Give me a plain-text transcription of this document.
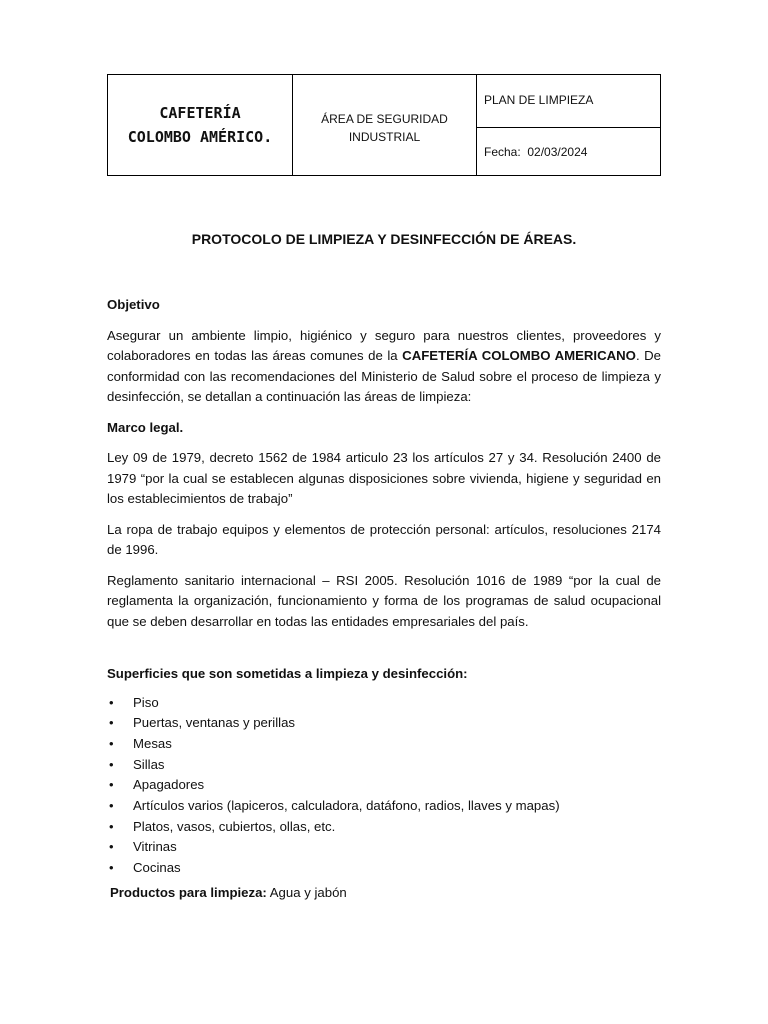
CAFETERÍA
COLOMBO AMÉRICO.
ÁREA DE SEGURIDAD
INDUSTRIAL
PLAN DE LIMPIEZA
Fecha: 02/03/2024
PROTOCOLO DE LIMPIEZA Y DESINFECCIÓN DE ÁREAS.

Objetivo

Asegurar un ambiente limpio, higiénico y seguro para nuestros clientes, proveedores y colaboradores en todas las áreas comunes de la CAFETERÍA COLOMBO AMERICANO. De conformidad con las recomendaciones del Ministerio de Salud sobre el proceso de limpieza y desinfección, se detallan a continuación las áreas de limpieza:

Marco legal.

Ley 09 de 1979, decreto 1562 de 1984 articulo 23 los artículos 27 y 34. Resolución 2400 de 1979 “por la cual se establecen algunas disposiciones sobre vivienda, higiene y seguridad en los establecimientos de trabajo”

La ropa de trabajo equipos y elementos de protección personal: artículos, resoluciones 2174 de 1996.

Reglamento sanitario internacional – RSI 2005. Resolución 1016 de 1989 “por la cual de reglamenta la organización, funcionamiento y forma de los programas de salud ocupacional que se deben desarrollar en todas las entidades empresariales del país.

Superficies que son sometidas a limpieza y desinfección:

• Piso
• Puertas, ventanas y perillas
• Mesas
• Sillas
• Apagadores
• Artículos varios (lapiceros, calculadora, datáfono, radios, llaves y mapas)
• Platos, vasos, cubiertos, ollas, etc.
• Vitrinas
• Cocinas

Productos para limpieza: Agua y jabón
